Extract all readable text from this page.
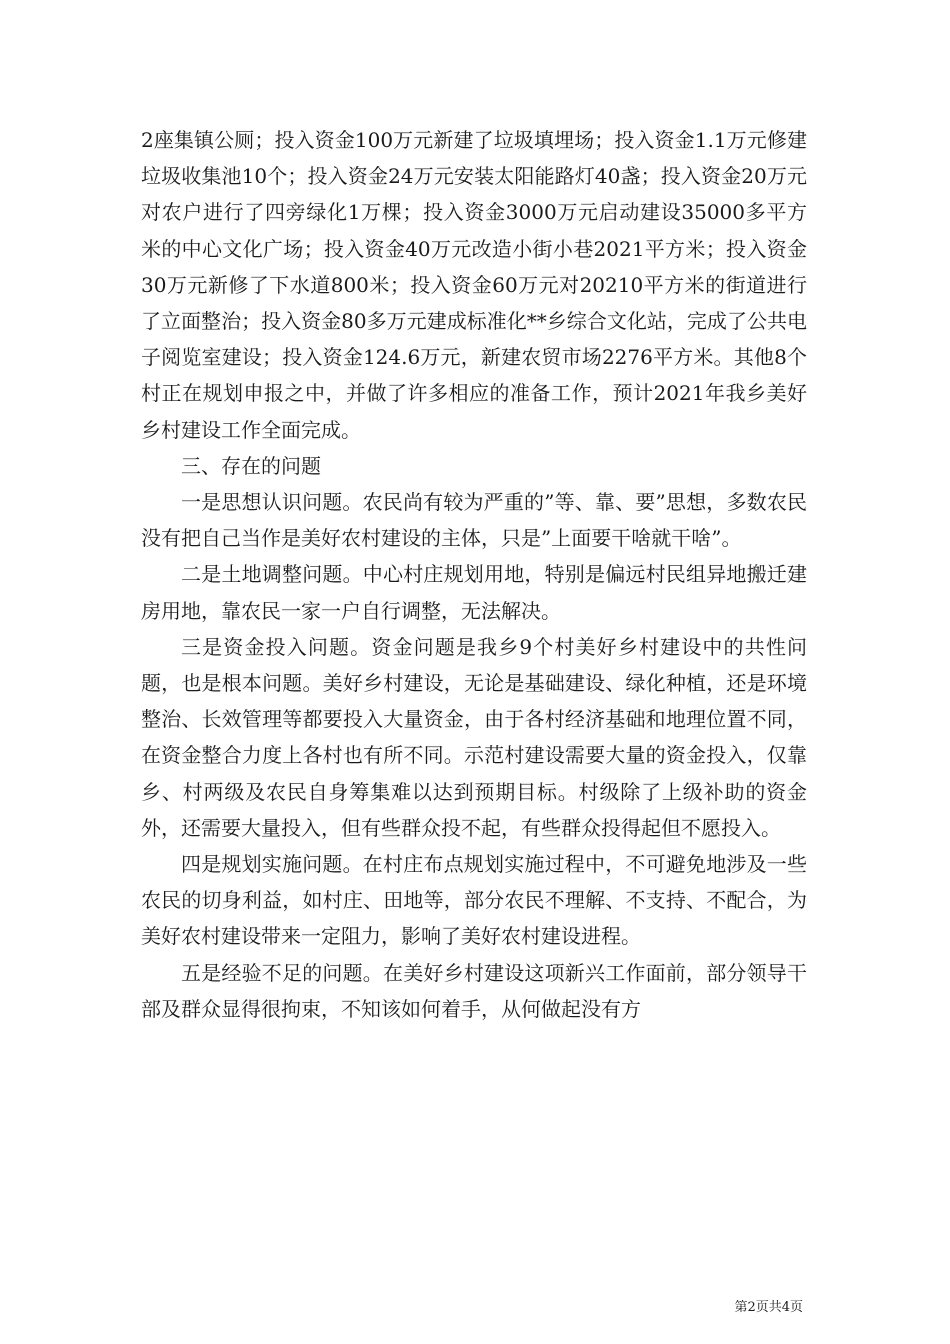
2座集镇公厕；投入资金100万元新建了垃圾填埋场；投入资金1.1万元修建垃圾收集池10个；投入资金24万元安装太阳能路灯40盏；投入资金20万元对农户进行了四旁绿化1万棵；投入资金3000万元启动建设35000多平方米的中心文化广场；投入资金40万元改造小街小巷2021平方米；投入资金30万元新修了下水道800米；投入资金60万元对20210平方米的街道进行了立面整治；投入资金80多万元建成标准化**乡综合文化站，完成了公共电子阅览室建设；投入资金124.6万元，新建农贸市场2276平方米。其他8个村正在规划申报之中，并做了许多相应的准备工作，预计2021年我乡美好乡村建设工作全面完成。

三、存在的问题

一是思想认识问题。农民尚有较为严重的”等、靠、要”思想，多数农民没有把自己当作是美好农村建设的主体，只是”上面要干啥就干啥”。

二是土地调整问题。中心村庄规划用地，特别是偏远村民组异地搬迁建房用地，靠农民一家一户自行调整，无法解决。

三是资金投入问题。资金问题是我乡9个村美好乡村建设中的共性问题，也是根本问题。美好乡村建设，无论是基础建设、绿化种植，还是环境整治、长效管理等都要投入大量资金，由于各村经济基础和地理位置不同，在资金整合力度上各村也有所不同。示范村建设需要大量的资金投入，仅靠乡、村两级及农民自身筹集难以达到预期目标。村级除了上级补助的资金外，还需要大量投入，但有些群众投不起，有些群众投得起但不愿投入。

四是规划实施问题。在村庄布点规划实施过程中，不可避免地涉及一些农民的切身利益，如村庄、田地等，部分农民不理解、不支持、不配合，为美好农村建设带来一定阻力，影响了美好农村建设进程。

五是经验不足的问题。在美好乡村建设这项新兴工作面前，部分领导干部及群众显得很拘束，不知该如何着手，从何做起没有方

第2页共4页
